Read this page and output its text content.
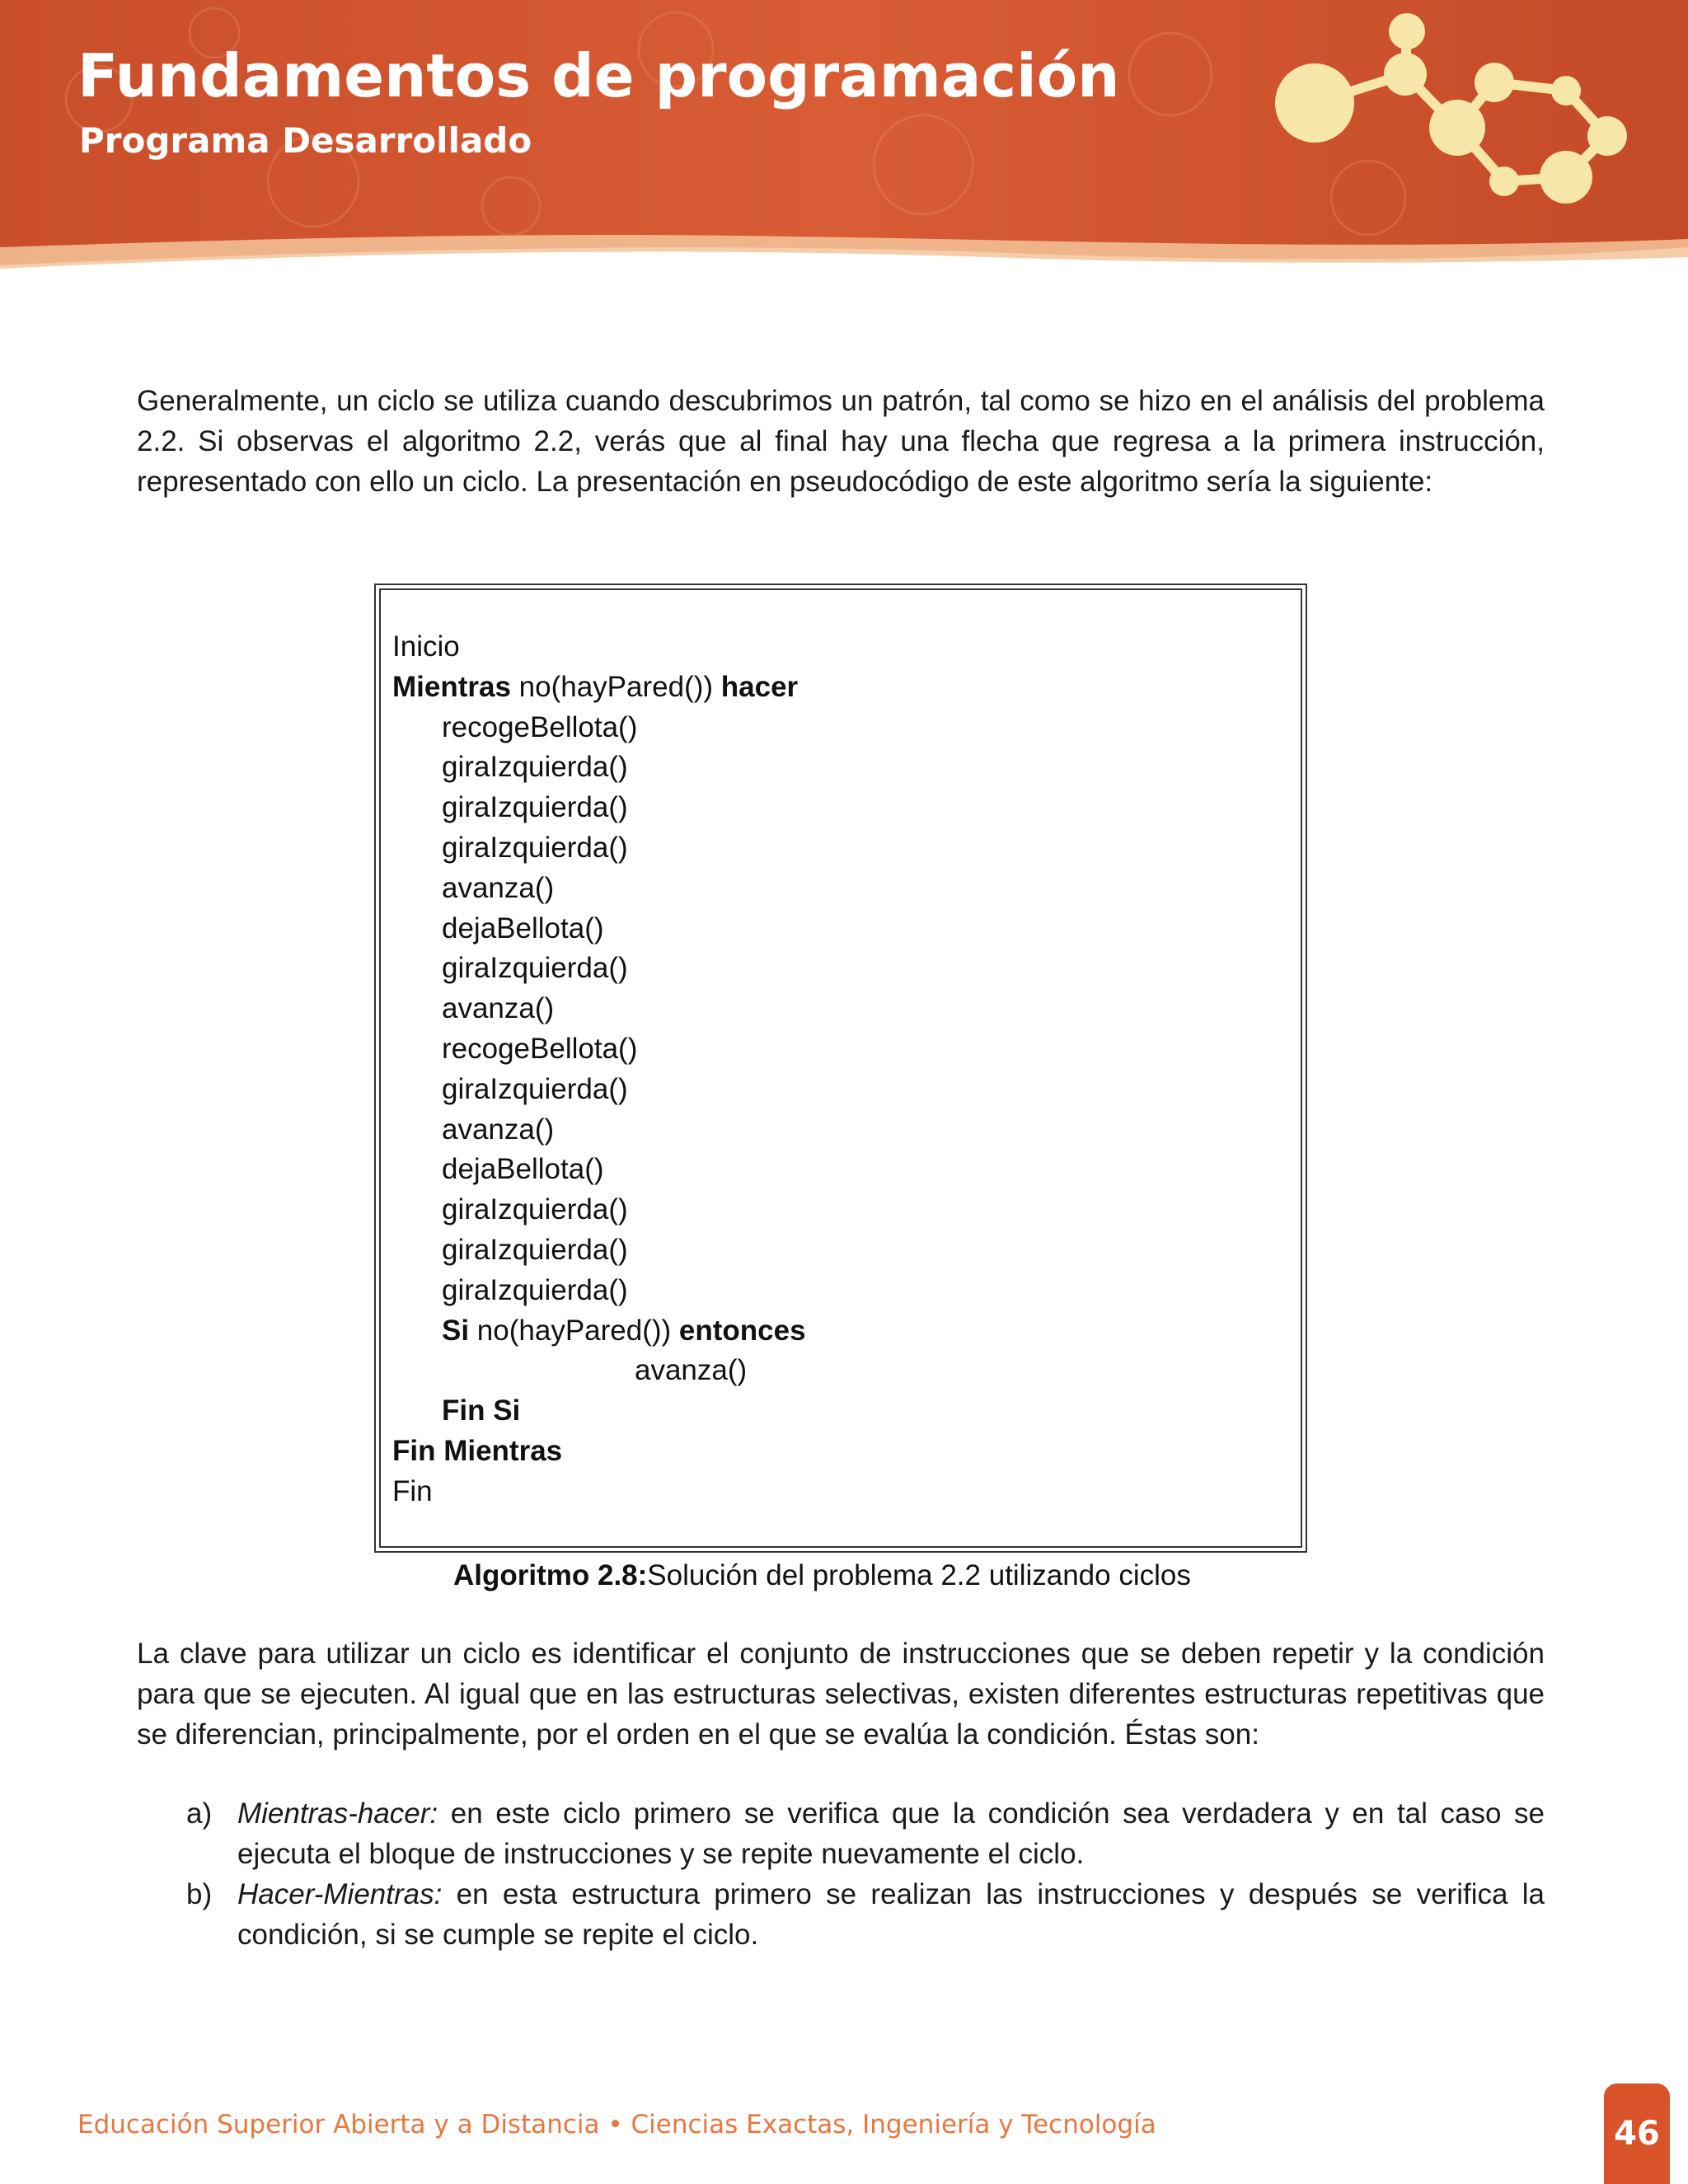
Fundamentos de programación
Programa Desarrollado

Generalmente, un ciclo se utiliza cuando descubrimos un patrón, tal como se hizo en el análisis del problema 2.2. Si observas el algoritmo 2.2, verás que al final hay una flecha que regresa a la primera instrucción, representado con ello un ciclo. La presentación en pseudocódigo de este algoritmo sería la siguiente:

Inicio
Mientras no(hayPared()) hacer
recogeBellota()
giraIzquierda()
giraIzquierda()
giraIzquierda()
avanza()
dejaBellota()
giraIzquierda()
avanza()
recogeBellota()
giraIzquierda()
avanza()
dejaBellota()
giraIzquierda()
giraIzquierda()
giraIzquierda()
Si no(hayPared()) entonces
avanza()
Fin Si
Fin Mientras
Fin
Algoritmo 2.8:Solución del problema 2.2 utilizando ciclos

La clave para utilizar un ciclo es identificar el conjunto de instrucciones que se deben repetir y la condición para que se ejecuten. Al igual que en las estructuras selectivas, existen diferentes estructuras repetitivas que se diferencian, principalmente, por el orden en el que se evalúa la condición. Éstas son:

a) Mientras-hacer: en este ciclo primero se verifica que la condición sea verdadera y en tal caso se ejecuta el bloque de instrucciones y se repite nuevamente el ciclo.

b) Hacer-Mientras: en esta estructura primero se realizan las instrucciones y después se verifica la condición, si se cumple se repite el ciclo.

Educación Superior Abierta y a Distancia • Ciencias Exactas, Ingeniería y Tecnología	46
